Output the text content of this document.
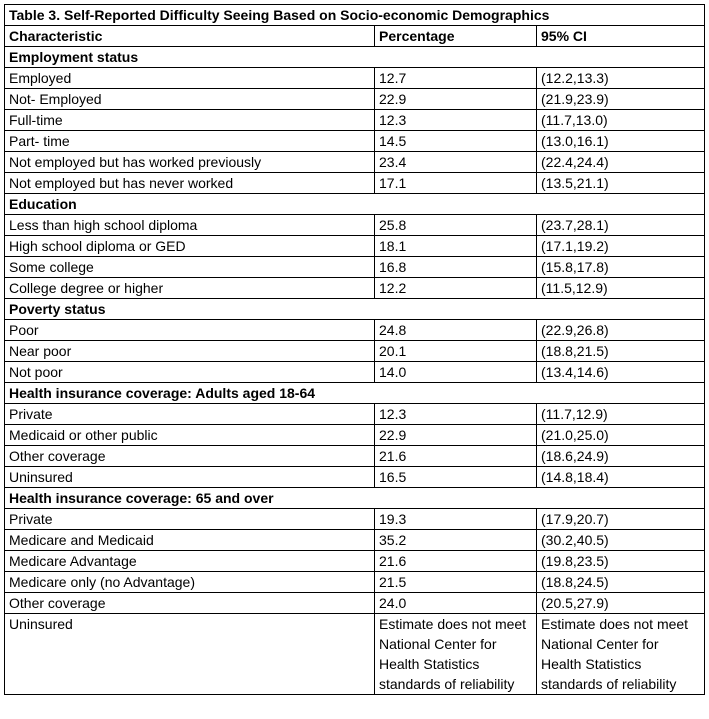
Table 3. Self-Reported Difficulty Seeing Based on Socio-economic Demographics		
Characteristic	Percentage	95% CI
Employment status		
Employed	12.7	(12.2,13.3)
Not- Employed	22.9	(21.9,23.9)
Full-time	12.3	(11.7,13.0)
Part- time	14.5	(13.0,16.1)
Not employed but has worked previously	23.4	(22.4,24.4)
Not employed but has never worked	17.1	(13.5,21.1)
Education		
Less than high school diploma	25.8	(23.7,28.1)
High school diploma or GED	18.1	(17.1,19.2)
Some college	16.8	(15.8,17.8)
College degree or higher	12.2	(11.5,12.9)
Poverty status		
Poor	24.8	(22.9,26.8)
Near poor	20.1	(18.8,21.5)
Not poor	14.0	(13.4,14.6)
Health insurance coverage: Adults aged 18-64		
Private	12.3	(11.7,12.9)
Medicaid or other public	22.9	(21.0,25.0)
Other coverage	21.6	(18.6,24.9)
Uninsured	16.5	(14.8,18.4)
Health insurance coverage: 65 and over		
Private	19.3	(17.9,20.7)
Medicare and Medicaid	35.2	(30.2,40.5)
Medicare Advantage	21.6	(19.8,23.5)
Medicare only (no Advantage)	21.5	(18.8,24.5)
Other coverage	24.0	(20.5,27.9)
Uninsured	Estimate does not meet National Center for Health Statistics standards of reliability	Estimate does not meet National Center for Health Statistics standards of reliability
